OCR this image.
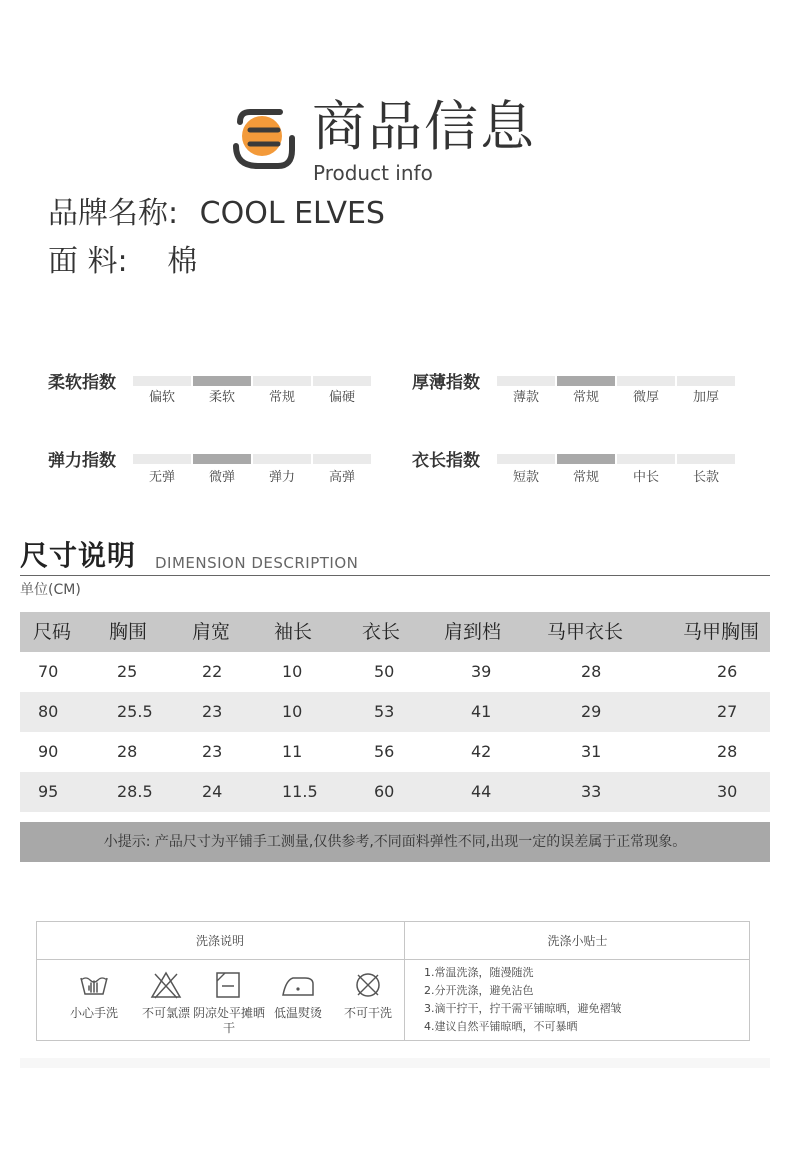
商品信息
Product info
品牌名称: COOL ELVES
面 料: 棉
柔软指数
偏软	柔软	常规	偏硬
厚薄指数
薄款	常规	微厚	加厚
弹力指数
无弹	微弹	弹力	高弹
衣长指数
短款	常规	中长	长款
尺寸说明 DIMENSION DESCRIPTION
单位(CM)
尺码 胸围 肩宽 袖长	衣长 肩到档 马甲衣长	马甲胸围
70	25	22	10	50	39	28	26
80	25.5	23	10	53	41	29	27
90	28	23	11	56	42	31	28
95	28.5	24	11.5	60	44	33	30
小提示: 产品尺寸为平铺手工测量,仅供参考,不同面料弹性不同,出现一定的误差属于正常现象。
洗涤说明	洗涤小贴士
小心手洗	不可氯漂 阴凉处平摊晒干
低温熨烫	不可干洗
1.常温洗涤，随漫随洗
2.分开洗涤，避免沾色
3.滴干拧干，拧干需平铺晾晒，避免褶皱
4.建议自然平铺晾晒，不可暴晒
